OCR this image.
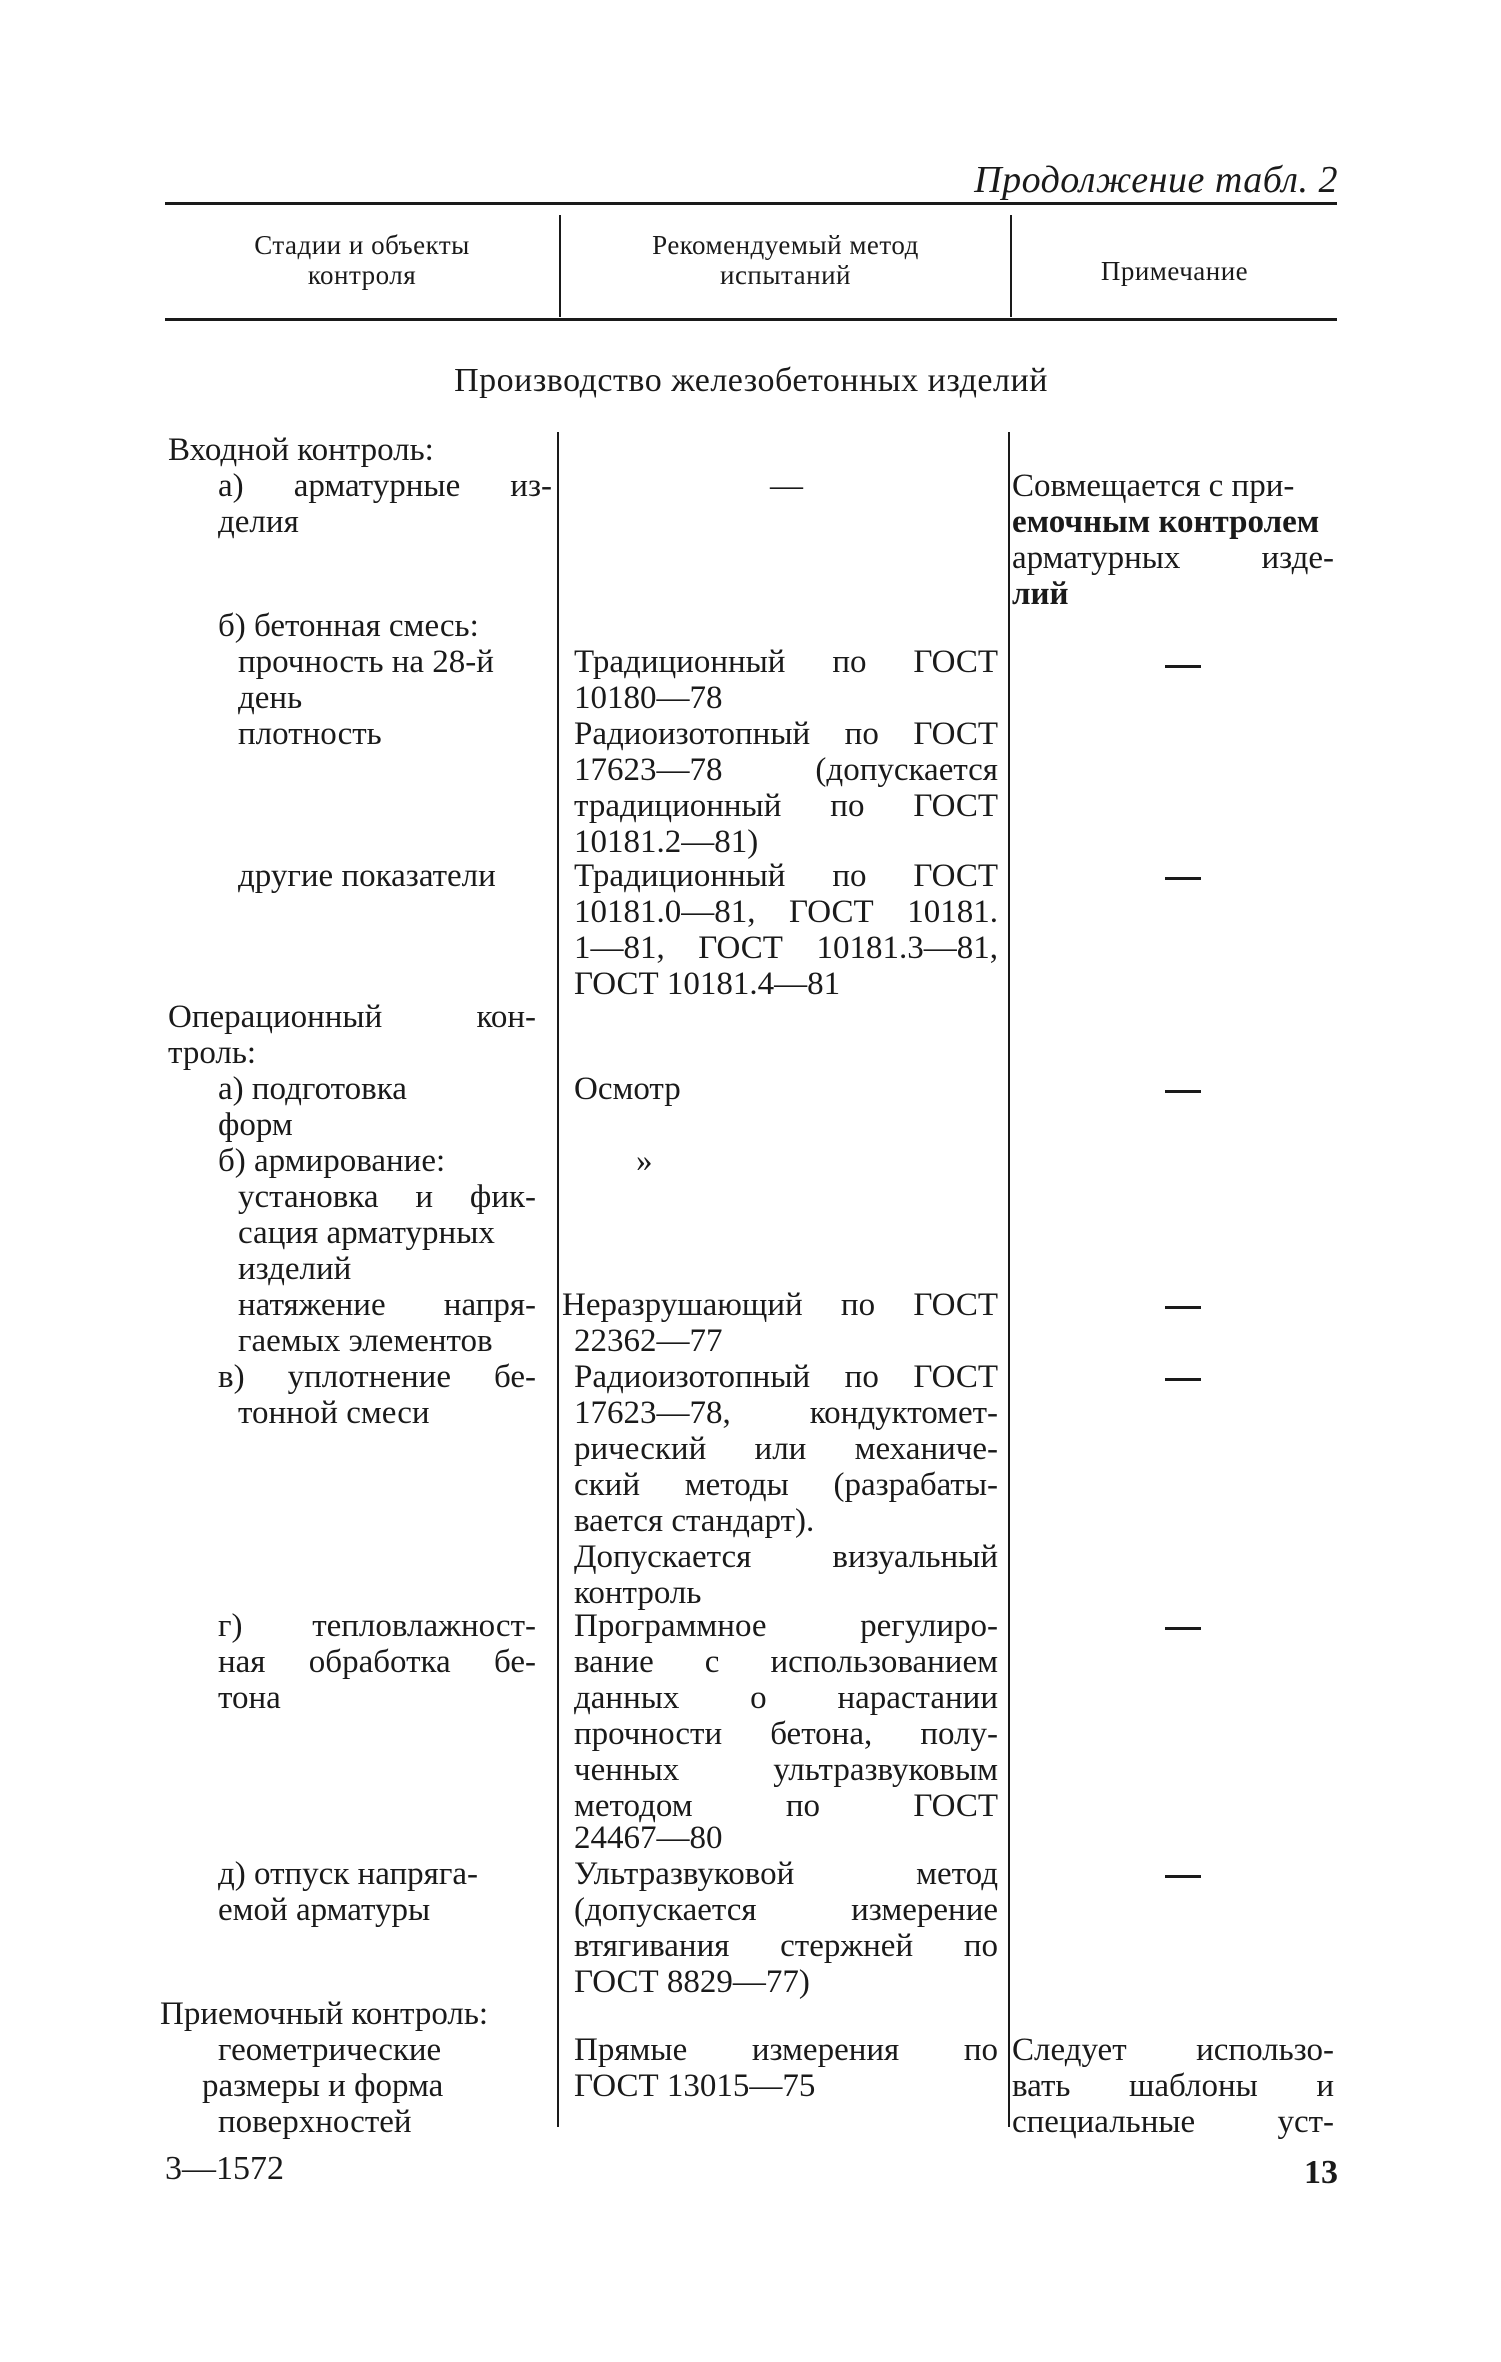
Продолжение табл. 2
Стадии и объекты
контроля
Рекомендуемый метод
испытаний	Примечание
Производство железобетонных изделий
Входной контроль:
а) арматурные из-
делия
б) бетонная смесь:
прочность на 28-й
день
плотность
другие показатели
Операционный кон-
троль:
а) подготовка
форм
б) армирование:
установка и фик-
сация арматурных
изделий
натяжение напря-
гаемых элементов
в) уплотнение бе-
тонной смеси
г) тепловлажност-
ная обработка бе-
тона
д) отпуск напряга-
емой арматуры
Приемочный контроль:
геометрические
размеры и форма
поверхностей
—
Традиционный по ГОСТ
10180—78
Радиоизотопный по ГОСТ
17623—78 (допускается
традиционный по ГОСТ
10181.2—81)
Традиционный по ГОСТ
10181.0—81, ГОСТ 10181.
1—81, ГОСТ 10181.3—81,
ГОСТ 10181.4—81
Осмотр
»
Неразрушающий по ГОСТ
22362—77
Радиоизотопный по ГОСТ
17623—78, кондуктомет-
рический или механиче-
ский методы (разрабаты-
вается стандарт).
Допускается визуальный
контроль
Программное регулиро-
вание с использованием
данных о нарастании
прочности бетона, полу-
ченных ультразвуковым
методом по ГОСТ
24467—80
Ультразвуковой метод
(допускается измерение
втягивания стержней по
ГОСТ 8829—77)
Прямые измерения по
ГОСТ 13015—75
Совмещается с при-
емочным контролем
арматурных изде-
лий
Следует использо-
вать шаблоны и
специальные уст-
3—1572	13
